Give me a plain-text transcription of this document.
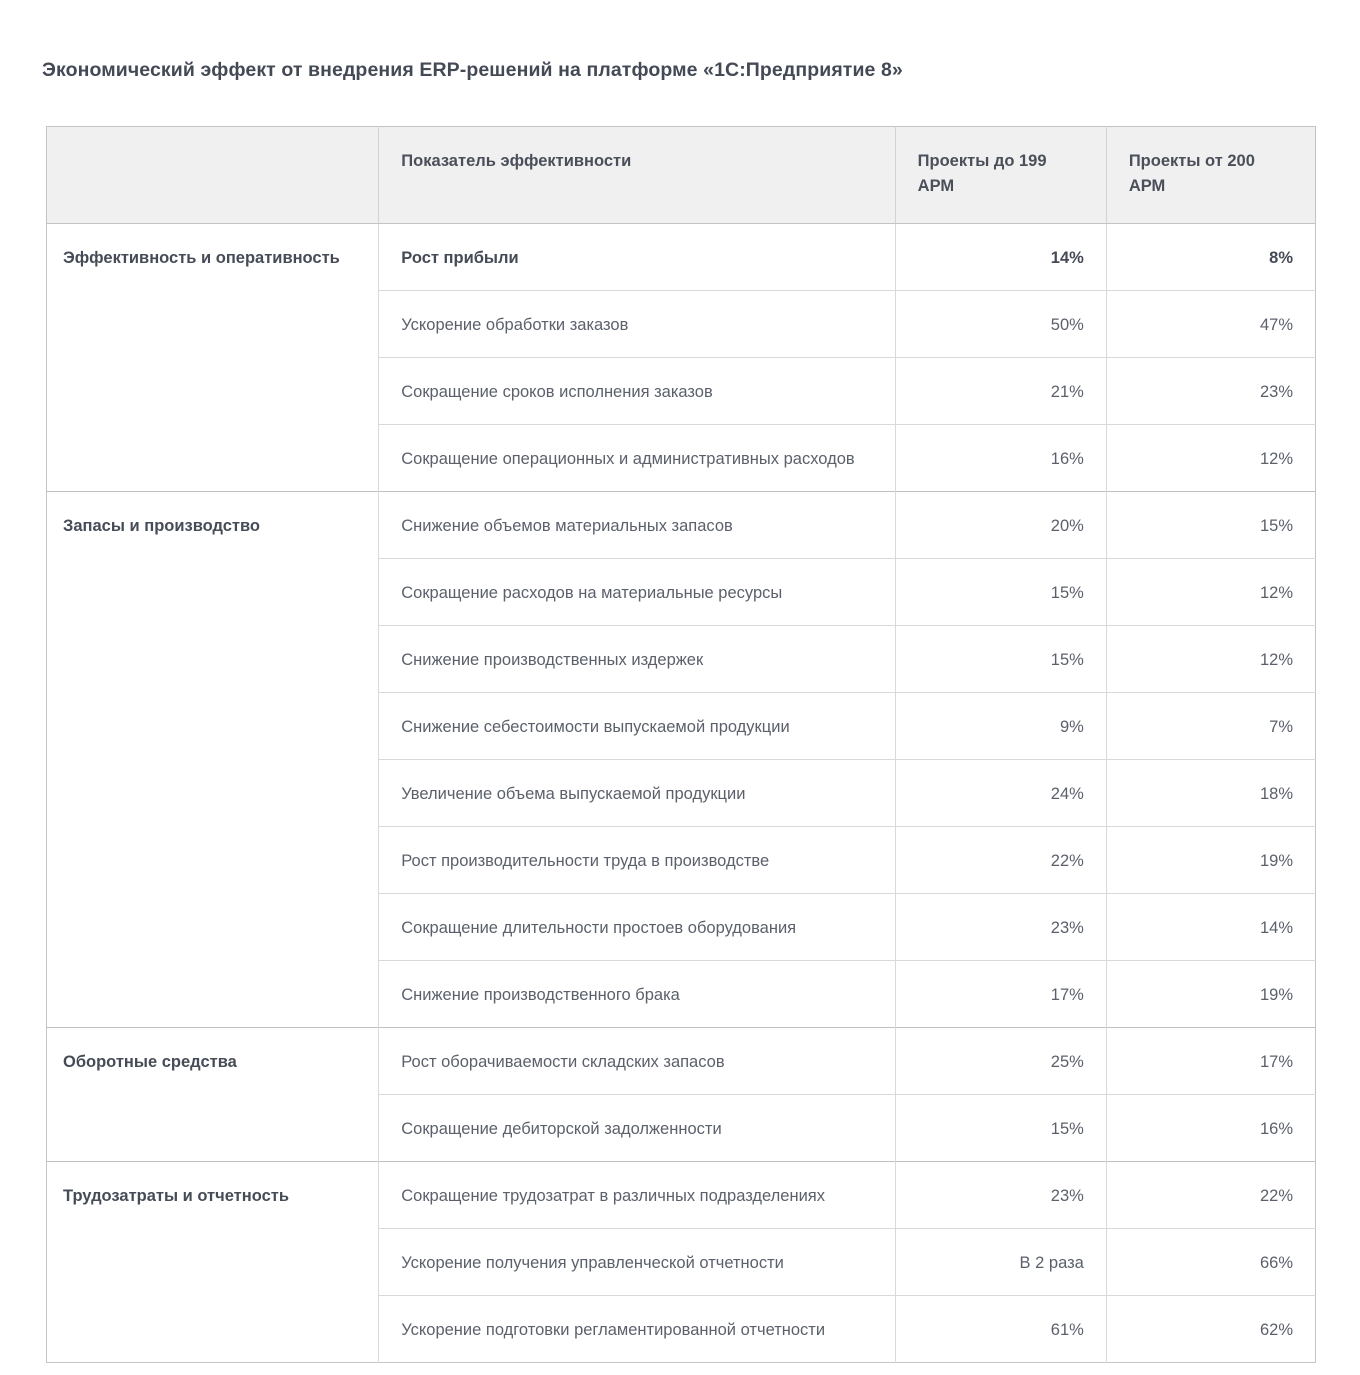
Экономический эффект от внедрения ERP-решений на платформе «1С:Предприятие 8»
	Показатель эффективности	Проекты до 199 АРМ	Проекты от 200 АРМ
Эффективность и оперативность	Рост прибыли	14%	8%
	Ускорение обработки заказов	50%	47%
	Сокращение сроков исполнения заказов	21%	23%
	Сокращение операционных и административных расходов	16%	12%
Запасы и производство	Снижение объемов материальных запасов	20%	15%
	Сокращение расходов на материальные ресурсы	15%	12%
	Снижение производственных издержек	15%	12%
	Снижение себестоимости выпускаемой продукции	9%	7%
	Увеличение объема выпускаемой продукции	24%	18%
	Рост производительности труда в производстве	22%	19%
	Сокращение длительности простоев оборудования	23%	14%
	Снижение производственного брака	17%	19%
Оборотные средства	Рост оборачиваемости складских запасов	25%	17%
	Сокращение дебиторской задолженности	15%	16%
Трудозатраты и отчетность	Сокращение трудозатрат в различных подразделениях	23%	22%
	Ускорение получения управленческой отчетности	В 2 раза	66%
	Ускорение подготовки регламентированной отчетности	61%	62%
